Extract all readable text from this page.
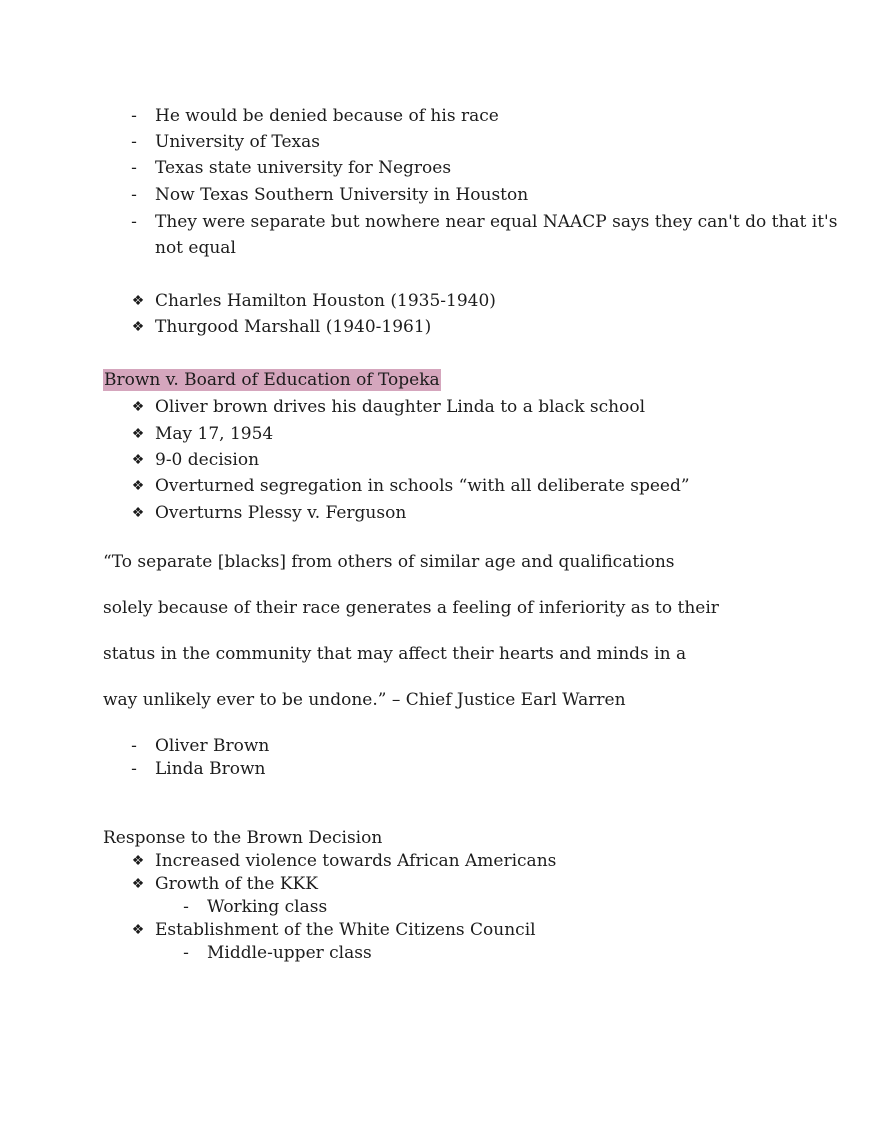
-	He would be denied because of his race
-	University of Texas
-	Texas state university for Negroes
-	Now Texas Southern University in Houston
-	They were separate but nowhere near equal NAACP says they can't do that it's
not equal
❖ Charles Hamilton Houston (1935-1940)
❖ Thurgood Marshall (1940-1961)
Brown v. Board of Education of Topeka
❖ Oliver brown drives his daughter Linda to a black school
❖ May 17, 1954
❖ 9-0 decision
❖ Overturned segregation in schools “with all deliberate speed”
❖ Overturns Plessy v. Ferguson
“To separate [blacks] from others of similar age and qualifications
solely because of their race generates a feeling of inferiority as to their
status in the community that may affect their hearts and minds in a
way unlikely ever to be undone.” – Chief Justice Earl Warren
-	Oliver Brown
-	Linda Brown
Response to the Brown Decision
❖ Increased violence towards African Americans
❖ Growth of the KKK
-	Working class
❖ Establishment of the White Citizens Council
-	Middle-upper class
